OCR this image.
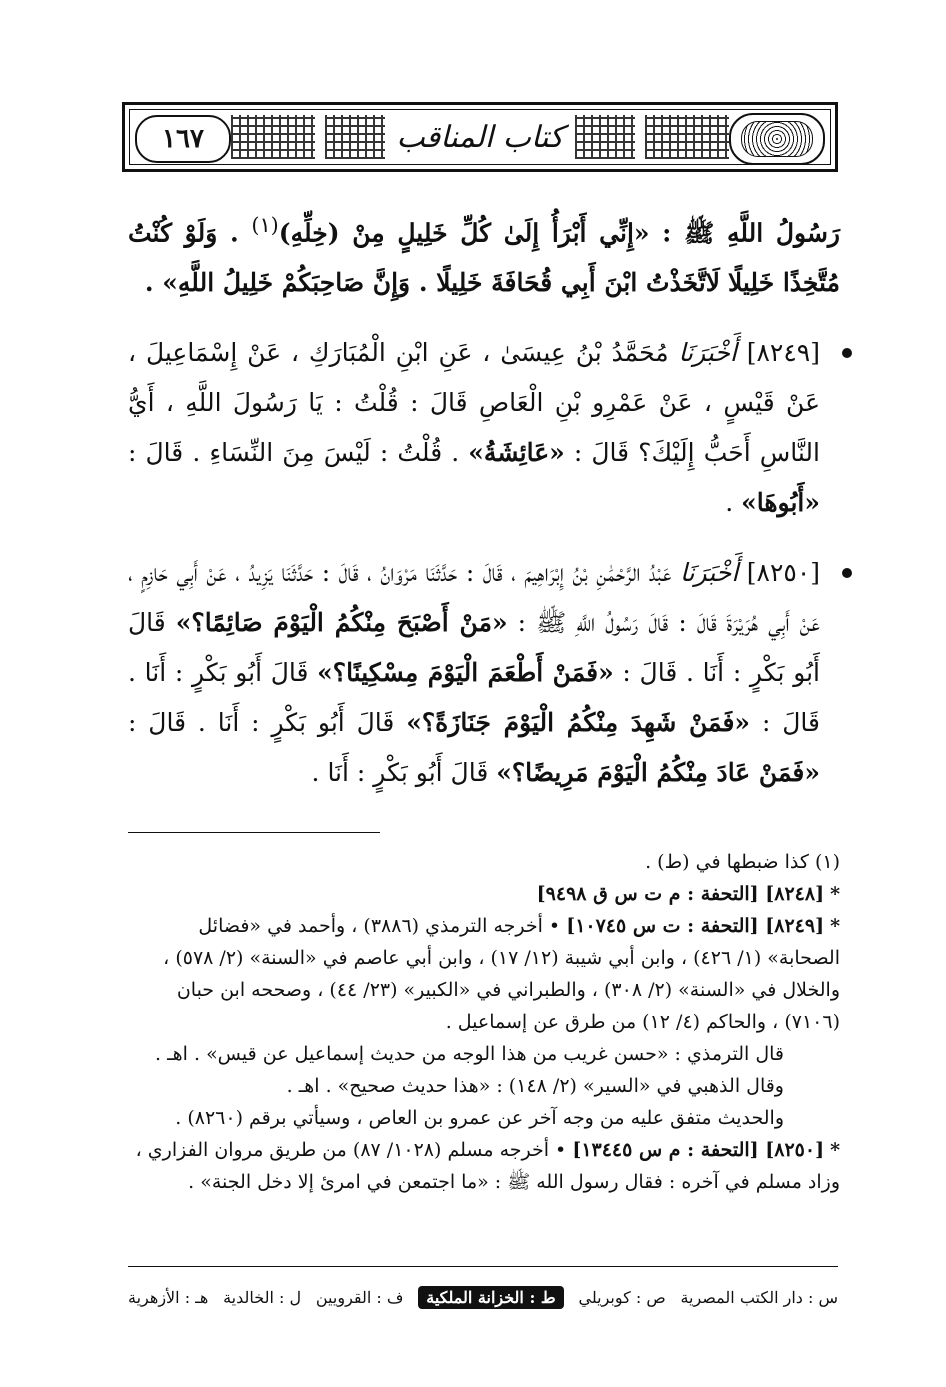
١٦٧	كتاب المناقب

رَسُولُ اللَّهِ ﷺ : «إِنِّي أَبْرَأُ إِلَىٰ كُلِّ خَلِيلٍ مِنْ (خِلِّهِ)$^{(١)}$ . وَلَوْ كُنْتُ مُتَّخِذًا خَلِيلًا لَاتَّخَذْتُ ابْنَ أَبِي قُحَافَةَ خَلِيلًا . وَإِنَّ صَاحِبَكُمْ خَلِيلُ اللَّهِ» .

[٨٢٤٩] أَخْبَرَنَا مُحَمَّدُ بْنُ عِيسَىٰ ، عَنِ ابْنِ الْمُبَارَكِ ، عَنْ إِسْمَاعِيلَ ، عَنْ قَيْسٍ ، عَنْ عَمْرِو بْنِ الْعَاصِ قَالَ : قُلْتُ : يَا رَسُولَ اللَّهِ ، أَيُّ النَّاسِ أَحَبُّ إِلَيْكَ؟ قَالَ : «عَائِشَةُ» . قُلْتُ : لَيْسَ مِنَ النِّسَاءِ . قَالَ : «أَبُوهَا» .

[٨٢٥٠] أَخْبَرَنَا عَبْدُ الرَّحْمَٰنِ بْنُ إِبْرَاهِيمَ ، قَالَ : حَدَّثَنَا مَرْوَانُ ، قَالَ : حَدَّثَنَا يَزِيدُ ، عَنْ أَبِي حَازِمٍ ، عَنْ أَبِي هُرَيْرَةَ قَالَ : قَالَ رَسُولُ اللَّهِ ﷺ : «مَنْ أَصْبَحَ مِنْكُمُ الْيَوْمَ صَائِمًا؟» قَالَ أَبُو بَكْرٍ : أَنَا . قَالَ : «فَمَنْ أَطْعَمَ الْيَوْمَ مِسْكِينًا؟» قَالَ أَبُو بَكْرٍ : أَنَا . قَالَ : «فَمَنْ شَهِدَ مِنْكُمُ الْيَوْمَ جَنَازَةً؟» قَالَ أَبُو بَكْرٍ : أَنَا . قَالَ : «فَمَنْ عَادَ مِنْكُمُ الْيَوْمَ مَرِيضًا؟» قَالَ أَبُو بَكْرٍ : أَنَا .

(١) كذا ضبطها في (ط) .

*[٨٢٤٨] [التحفة : م ت س ق ٩٤٩٨]

*[٨٢٤٩] [التحفة : ت س ١٠٧٤٥] • أخرجه الترمذي (٣٨٨٦) ، وأحمد في «فضائل الصحابة» (١/ ٤٢٦) ، وابن أبي شيبة (١٢/ ١٧) ، وابن أبي عاصم في «السنة» (٢/ ٥٧٨) ، والخلال في «السنة» (٢/ ٣٠٨) ، والطبراني في «الكبير» (٢٣/ ٤٤) ، وصححه ابن حبان (٧١٠٦) ، والحاكم (٤/ ١٢) من طرق عن إسماعيل .

قال الترمذي : «حسن غريب من هذا الوجه من حديث إسماعيل عن قيس» . اهـ .

وقال الذهبي في «السير» (٢/ ١٤٨) : «هذا حديث صحيح» . اهـ .

والحديث متفق عليه من وجه آخر عن عمرو بن العاص ، وسيأتي برقم (٨٢٦٠) .

*[٨٢٥٠] [التحفة : م س ١٣٤٤٥] • أخرجه مسلم (١٠٢٨/ ٨٧) من طريق مروان الفزاري ، وزاد مسلم في آخره : فقال رسول الله ﷺ : «ما اجتمعن في امرئ إلا دخل الجنة» .

س : دار الكتب المصرية
ص : كوبريلي
ط : الخزانة الملكية
ف : القرويين
ل : الخالدية
هـ : الأزهرية
